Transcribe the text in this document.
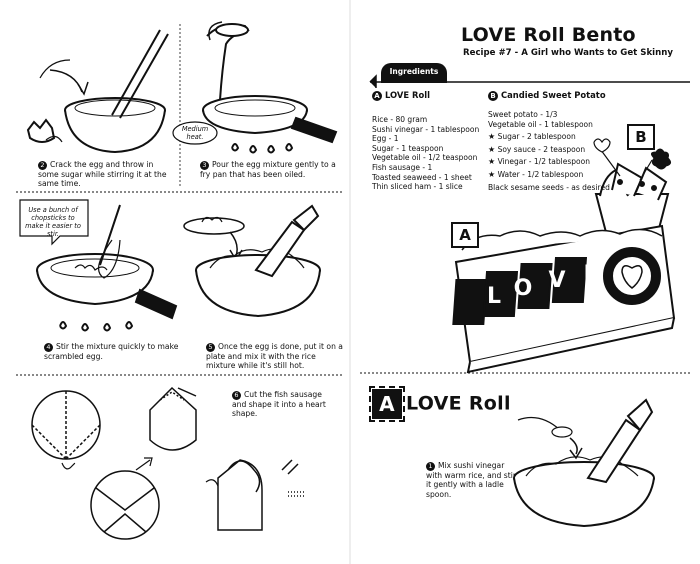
LOVE Roll Bento
Recipe #7 - A Girl who Wants to Get Skinny
Ingredients
A LOVE Roll
Rice - 80 gram
Sushi vinegar - 1 tablespoon
Egg - 1
Sugar - 1 teaspoon
Vegetable oil - 1/2 teaspoon
Fish sausage - 1
Toasted seaweed - 1 sheet
Thin sliced ham - 1 slice
B Candied Sweet Potato
Sweet potato - 1/3
Vegetable oil - 1 tablespoon
★ Sugar - 2 tablespoon
★ Soy sauce - 2 teaspoon
★ Vinegar - 1/2 tablespoon
★ Water - 1/2 tablespoon
Black sesame seeds - as desired
B
A
L O V E
Medium heat.
Use a bunch of chopsticks to make it easier to stir.
2 Crack the egg and throw in some sugar while stirring it at the same time.
3 Pour the egg mixture gently to a fry pan that has been oiled.
4 Stir the mixture quickly to make scrambled egg.
5 Once the egg is done, put it on a plate and mix it with the rice mixture while it's still hot.
6 Cut the fish sausage and shape it into a heart shape.	A LOVE Roll
1 Mix sushi vinegar with warm rice, and stir it gently with a ladle spoon.
